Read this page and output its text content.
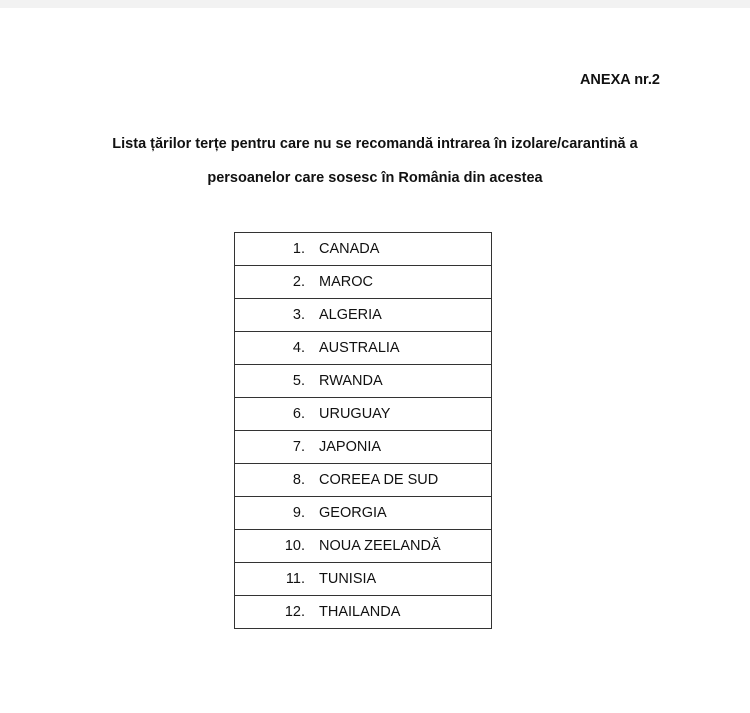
ANEXA nr.2
Lista țărilor terțe pentru care nu se recomandă intrarea în izolare/carantină a
persoanelor care sosesc în România din acestea
1.	CANADA
2.	MAROC
3.	ALGERIA
4.	AUSTRALIA
5.	RWANDA
6.	URUGUAY
7.	JAPONIA
8.	COREEA DE SUD
9.	GEORGIA
10.	NOUA ZEELANDĂ
11.	TUNISIA
12.	THAILANDA
